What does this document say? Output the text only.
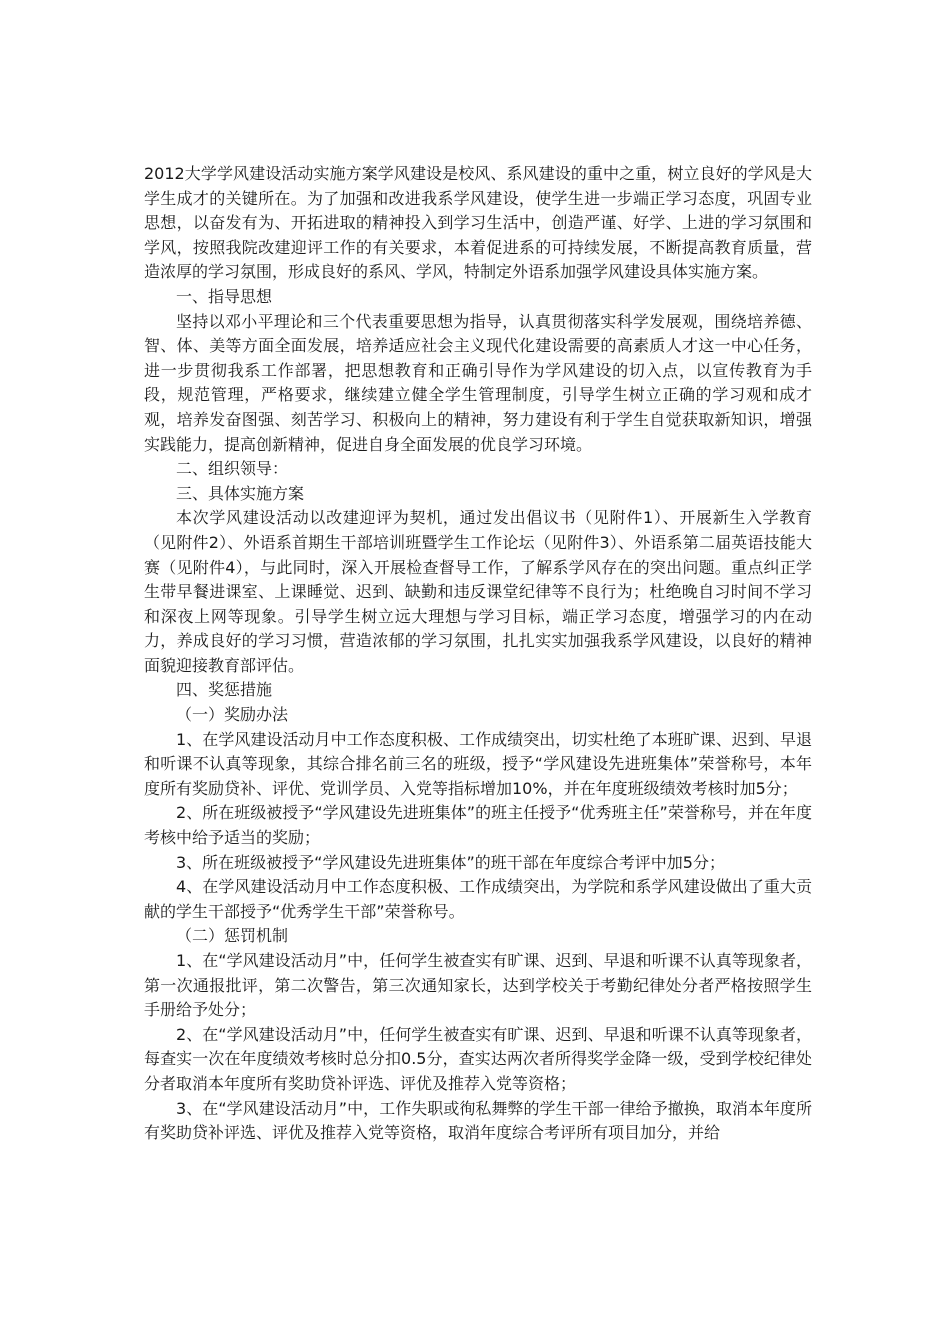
2012大学学风建设活动实施方案学风建设是校风、系风建设的重中之重，树立良好的学风是大学生成才的关键所在。为了加强和改进我系学风建设，使学生进一步端正学习态度，巩固专业思想，以奋发有为、开拓进取的精神投入到学习生活中，创造严谨、好学、上进的学习氛围和学风，按照我院改建迎评工作的有关要求，本着促进系的可持续发展，不断提高教育质量，营造浓厚的学习氛围，形成良好的系风、学风，特制定外语系加强学风建设具体实施方案。

一、指导思想

坚持以邓小平理论和三个代表重要思想为指导，认真贯彻落实科学发展观，围绕培养德、智、体、美等方面全面发展，培养适应社会主义现代化建设需要的高素质人才这一中心任务，进一步贯彻我系工作部署，把思想教育和正确引导作为学风建设的切入点，以宣传教育为手段，规范管理，严格要求，继续建立健全学生管理制度，引导学生树立正确的学习观和成才观，培养发奋图强、刻苦学习、积极向上的精神，努力建设有利于学生自觉获取新知识，增强实践能力，提高创新精神，促进自身全面发展的优良学习环境。

二、组织领导：

三、具体实施方案

本次学风建设活动以改建迎评为契机，通过发出倡议书（见附件1）、开展新生入学教育（见附件2）、外语系首期生干部培训班暨学生工作论坛（见附件3）、外语系第二届英语技能大赛（见附件4），与此同时，深入开展检查督导工作，了解系学风存在的突出问题。重点纠正学生带早餐进课室、上课睡觉、迟到、缺勤和违反课堂纪律等不良行为；杜绝晚自习时间不学习和深夜上网等现象。引导学生树立远大理想与学习目标，端正学习态度，增强学习的内在动力，养成良好的学习习惯，营造浓郁的学习氛围，扎扎实实加强我系学风建设，以良好的精神面貌迎接教育部评估。

四、奖惩措施

（一）奖励办法

1、在学风建设活动月中工作态度积极、工作成绩突出，切实杜绝了本班旷课、迟到、早退和听课不认真等现象，其综合排名前三名的班级，授予“学风建设先进班集体”荣誉称号，本年度所有奖励贷补、评优、党训学员、入党等指标增加10%，并在年度班级绩效考核时加5分；

2、所在班级被授予“学风建设先进班集体”的班主任授予“优秀班主任”荣誉称号，并在年度考核中给予适当的奖励；

3、所在班级被授予“学风建设先进班集体”的班干部在年度综合考评中加5分；

4、在学风建设活动月中工作态度积极、工作成绩突出，为学院和系学风建设做出了重大贡献的学生干部授予“优秀学生干部”荣誉称号。

（二）惩罚机制

1、在“学风建设活动月”中，任何学生被查实有旷课、迟到、早退和听课不认真等现象者，第一次通报批评，第二次警告，第三次通知家长，达到学校关于考勤纪律处分者严格按照学生手册给予处分；

2、在“学风建设活动月”中，任何学生被查实有旷课、迟到、早退和听课不认真等现象者，每查实一次在年度绩效考核时总分扣0.5分，查实达两次者所得奖学金降一级，受到学校纪律处分者取消本年度所有奖助贷补评选、评优及推荐入党等资格；

3、在“学风建设活动月”中，工作失职或徇私舞弊的学生干部一律给予撤换，取消本年度所有奖助贷补评选、评优及推荐入党等资格，取消年度综合考评所有项目加分，并给
